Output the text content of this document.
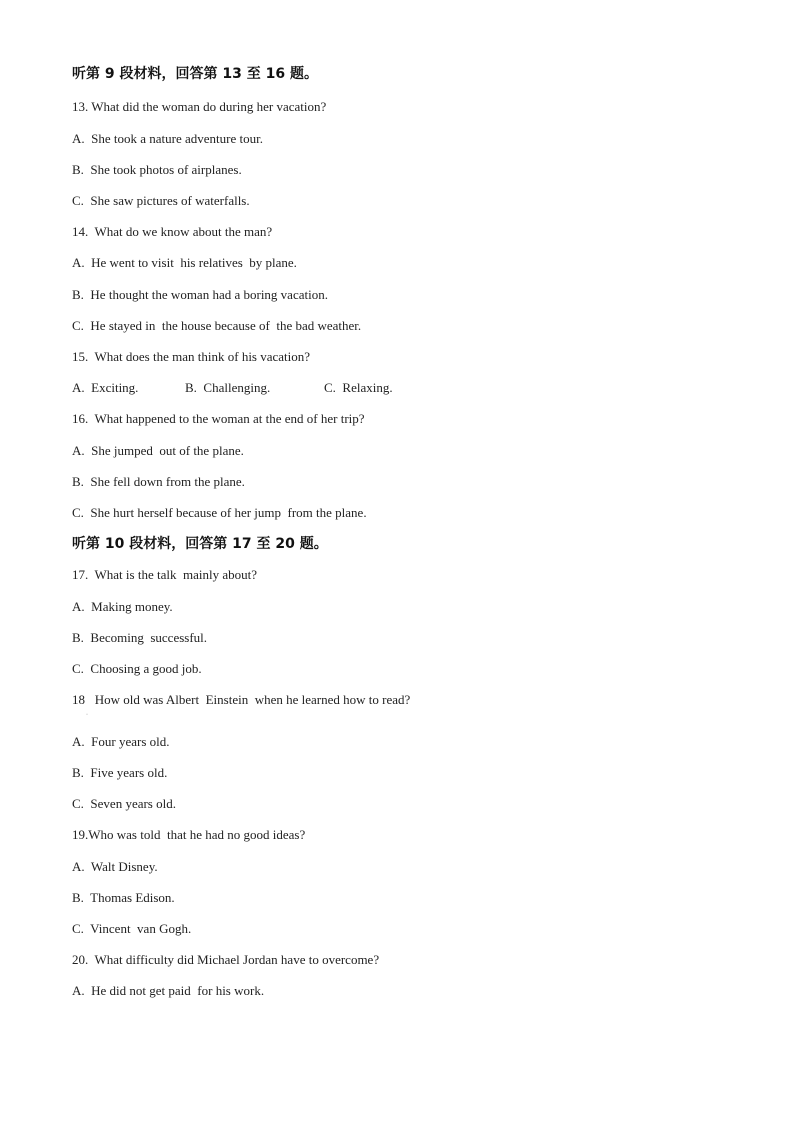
听第 9 段材料，回答第 13 至 16 题。
13. What did the woman do during her vacation?
A.  She took a nature adventure tour.
B.  She took photos of airplanes.
C.  She saw pictures of waterfalls.
14.  What do we know about the man?
A.  He went to visit  his relatives  by plane.
B.  He thought the woman had a boring vacation.
C.  He stayed in  the house because of  the bad weather.
15.  What does the man think of his vacation?
A.  Exciting.	B.  Challenging.	C.  Relaxing.
16.  What happened to the woman at the end of her trip?
A.  She jumped  out of the plane.
B.  She fell down from the plane.
C.  She hurt herself because of her jump  from the plane.
听第 10 段材料，回答第 17 至 20 题。
17.  What is the talk  mainly about?
A.  Making money.
B.  Becoming  successful.
C.  Choosing a good job.
18   How old was Albert  Einstein  when he learned how to read?
·
A.  Four years old.
B.  Five years old.
C.  Seven years old.
19.Who was told  that he had no good ideas?
A.  Walt Disney.
B.  Thomas Edison.
C.  Vincent  van Gogh.
20.  What difficulty did Michael Jordan have to overcome?
A.  He did not get paid  for his work.
